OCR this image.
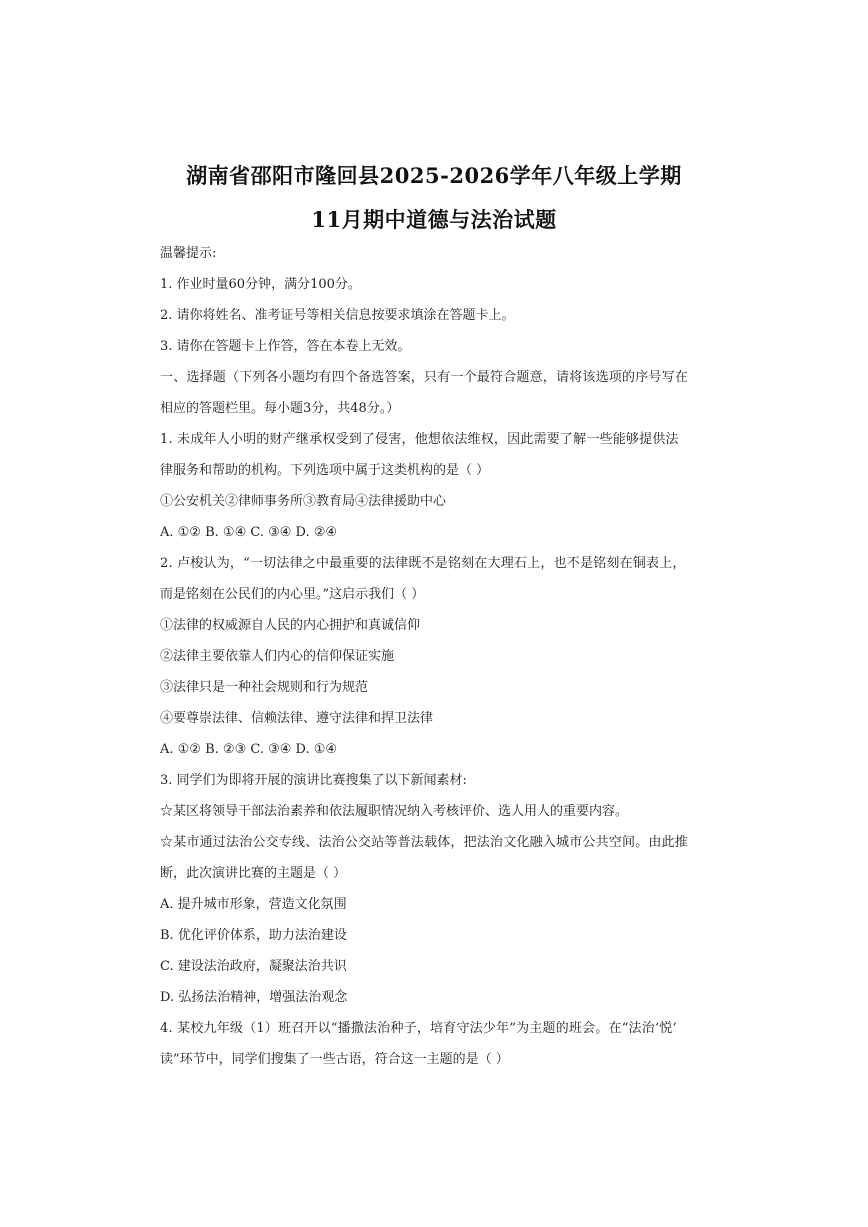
湖南省邵阳市隆回县2025-2026学年八年级上学期
11月期中道德与法治试题
温馨提示:
1. 作业时量60分钟，满分100分。
2. 请你将姓名、准考证号等相关信息按要求填涂在答题卡上。
3. 请你在答题卡上作答，答在本卷上无效。
一、选择题（下列各小题均有四个备选答案，只有一个最符合题意，请将该选项的序号写在
相应的答题栏里。每小题3分，共48分。）
1. 未成年人小明的财产继承权受到了侵害，他想依法维权，因此需要了解一些能够提供法
律服务和帮助的机构。下列选项中属于这类机构的是（ ）
①公安机关②律师事务所③教育局④法律援助中心
A. ①② B. ①④ C. ③④ D. ②④
2. 卢梭认为，“一切法律之中最重要的法律既不是铭刻在大理石上，也不是铭刻在铜表上，
而是铭刻在公民们的内心里。”这启示我们（ ）
①法律的权威源自人民的内心拥护和真诚信仰
②法律主要依靠人们内心的信仰保证实施
③法律只是一种社会规则和行为规范
④要尊崇法律、信赖法律、遵守法律和捍卫法律
A. ①② B. ②③ C. ③④ D. ①④
3. 同学们为即将开展的演讲比赛搜集了以下新闻素材:
☆某区将领导干部法治素养和依法履职情况纳入考核评价、选人用人的重要内容。
☆某市通过法治公交专线、法治公交站等普法载体，把法治文化融入城市公共空间。由此推
断，此次演讲比赛的主题是（ ）
A. 提升城市形象，营造文化氛围
B. 优化评价体系，助力法治建设
C. 建设法治政府，凝聚法治共识
D. 弘扬法治精神，增强法治观念
4. 某校九年级（1）班召开以“播撒法治种子，培育守法少年”为主题的班会。在“法治‘悦’
读”环节中，同学们搜集了一些古语，符合这一主题的是（ ）
